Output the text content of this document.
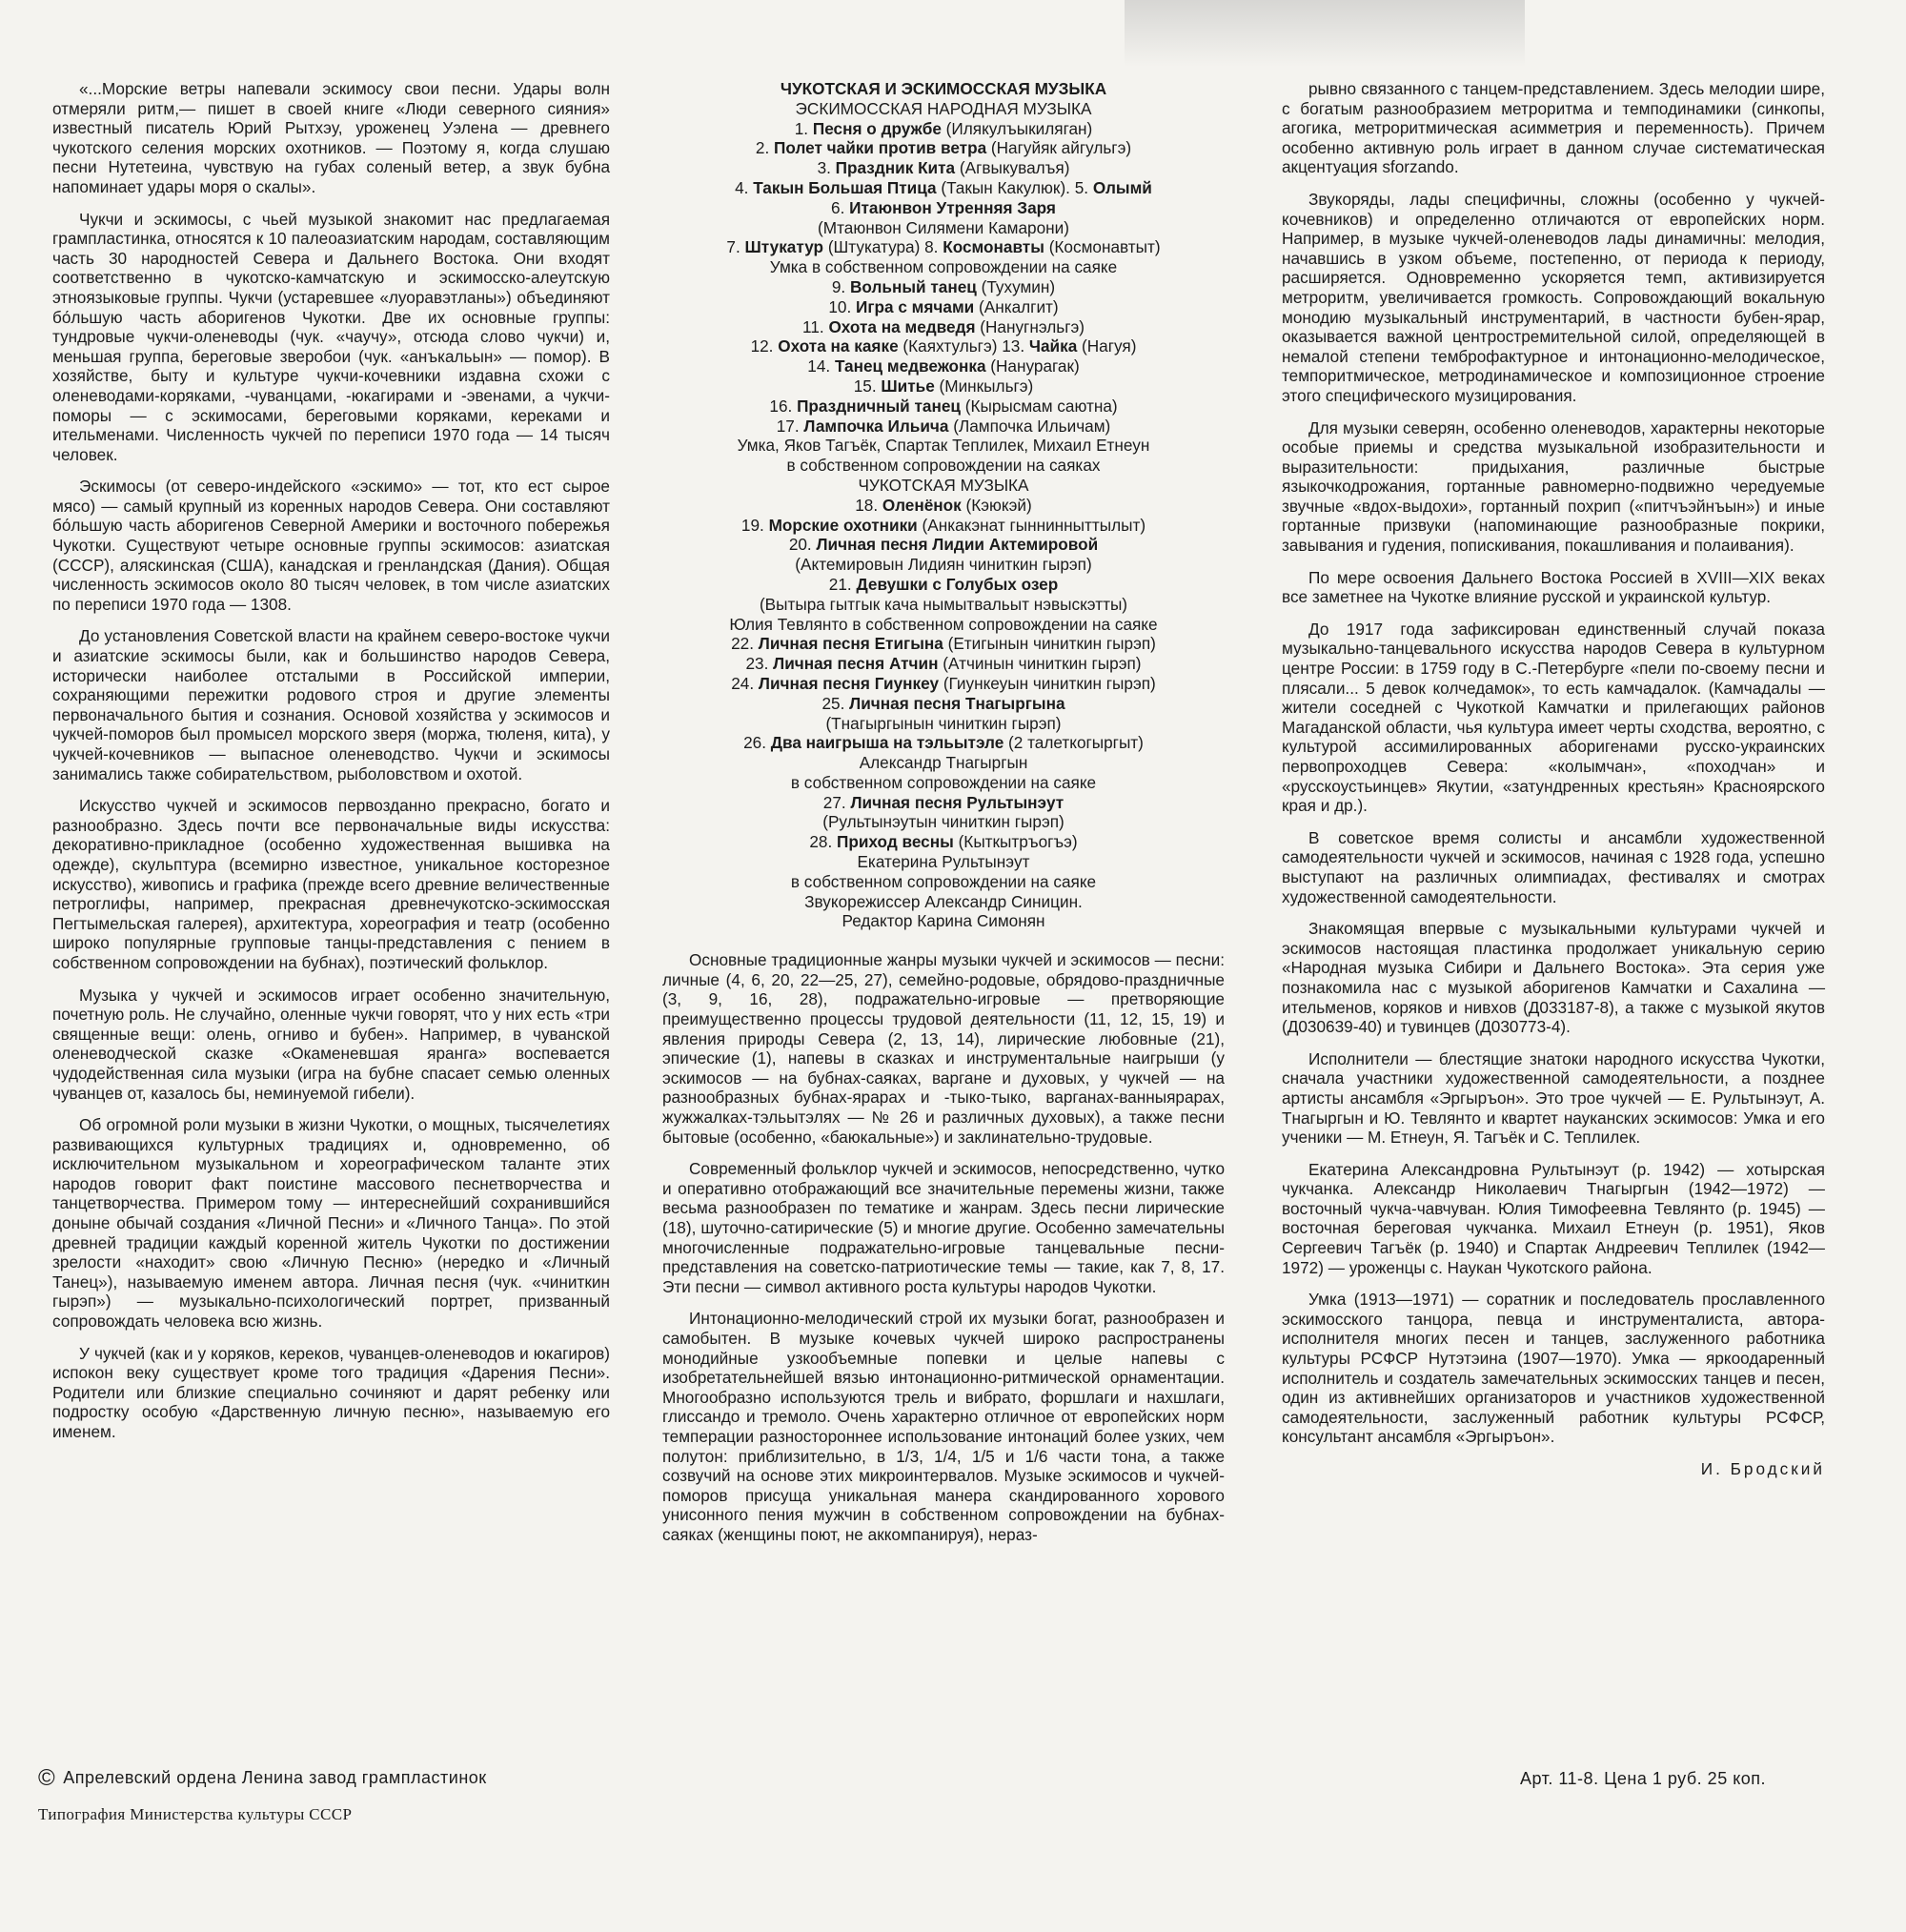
«...Морские ветры напевали эскимосу свои песни. Удары волн отмеряли ритм,— пишет в своей книге «Люди северного сияния» известный писатель Юрий Рытхэу, уроженец Уэлена — древнего чукотского селения морских охотников. — Поэтому я, когда слушаю песни Нутетеина, чувствую на губах соленый ветер, а звук бубна напоминает удары моря о скалы».

Чукчи и эскимосы, с чьей музыкой знакомит нас предлагаемая грампластинка, относятся к 10 палеоазиатским народам, составляющим часть 30 народностей Севера и Дальнего Востока. Они входят соответственно в чукотско-камчатскую и эскимосско-алеутскую этноязыковые группы. Чукчи (устаревшее «луоравэтланы») объединяют бо́льшую часть аборигенов Чукотки. Две их основные группы: тундровые чукчи-оленеводы (чук. «чаучу», отсюда слово чукчи) и, меньшая группа, береговые зверобои (чук. «анъкальын» — помор). В хозяйстве, быту и культуре чукчи-кочевники издавна схожи с оленеводами-коряками, -чуванцами, -юкагирами и -эвенами, а чукчи-поморы — с эскимосами, береговыми коряками, кереками и ительменами. Численность чукчей по переписи 1970 года — 14 тысяч человек.

Эскимосы (от северо-индейского «эскимо» — тот, кто ест сырое мясо) — самый крупный из коренных народов Севера. Они составляют бо́льшую часть аборигенов Северной Америки и восточного побережья Чукотки. Существуют четыре основные группы эскимосов: азиатская (СССР), аляскинская (США), канадская и гренландская (Дания). Общая численность эскимосов около 80 тысяч человек, в том числе азиатских по переписи 1970 года — 1308.

До установления Советской власти на крайнем северо-востоке чукчи и азиатские эскимосы были, как и большинство народов Севера, исторически наиболее отсталыми в Российской империи, сохраняющими пережитки родового строя и другие элементы первоначального бытия и сознания. Основой хозяйства у эскимосов и чукчей-поморов был промысел морского зверя (моржа, тюленя, кита), у чукчей-кочевников — выпасное оленеводство. Чукчи и эскимосы занимались также собирательством, рыболовством и охотой.

Искусство чукчей и эскимосов первозданно прекрасно, богато и разнообразно. Здесь почти все первоначальные виды искусства: декоративно-прикладное (особенно художественная вышивка на одежде), скульптура (всемирно известное, уникальное косторезное искусство), живопись и графика (прежде всего древние величественные петроглифы, например, прекрасная древнечукотско-эскимосская Пегтымельская галерея), архитектура, хореография и театр (особенно широко популярные групповые танцы-представления с пением в собственном сопровождении на бубнах), поэтический фольклор.

Музыка у чукчей и эскимосов играет особенно значительную, почетную роль. Не случайно, оленные чукчи говорят, что у них есть «три священные вещи: олень, огниво и бубен». Например, в чуванской оленеводческой сказке «Окаменевшая яранга» воспевается чудодейственная сила музыки (игра на бубне спасает семью оленных чуванцев от, казалось бы, неминуемой гибели).

Об огромной роли музыки в жизни Чукотки, о мощных, тысячелетиях развивающихся культурных традициях и, одновременно, об исключительном музыкальном и хореографическом таланте этих народов говорит факт поистине массового песнетворчества и танцетворчества. Примером тому — интереснейший сохранившийся доныне обычай создания «Личной Песни» и «Личного Танца». По этой древней традиции каждый коренной житель Чукотки по достижении зрелости «находит» свою «Личную Песню» (нередко и «Личный Танец»), называемую именем автора. Личная песня (чук. «чиниткин гырэп») — музыкально-психологический портрет, призванный сопровождать человека всю жизнь.

У чукчей (как и у коряков, кереков, чуванцев-оленеводов и юкагиров) испокон веку существует кроме того традиция «Дарения Песни». Родители или близкие специально сочиняют и дарят ребенку или подростку особую «Дарственную личную песню», называемую его именем.

ЧУКОТСКАЯ И ЭСКИМОССКАЯ МУЗЫКА
ЭСКИМОССКАЯ НАРОДНАЯ МУЗЫКА
1. Песня о дружбе (Илякулъыкиляган)
2. Полет чайки против ветра (Нагуйяк айгульгэ)
3. Праздник Кита (Агвыкувалъя)
4. Такын Большая Птица (Такын Какулюк). 5. Олымй
6. Итаюнвон Утренняя Заря
(Мтаюнвон Силямени Камарони)
7. Штукатур (Штукатура) 8. Космонавты (Космонавтыт)
Умка в собственном сопровождении на саяке
9. Вольный танец (Тухумин)
10. Игра с мячами (Анкалгит)
11. Охота на медведя (Нанугнэльгэ)
12. Охота на каяке (Каяхтульгэ) 13. Чайка (Нагуя)
14. Танец медвежонка (Нанурагак)
15. Шитье (Минкыльгэ)
16. Праздничный танец (Кырысмам саютна)
17. Лампочка Ильича (Лампочка Ильичам)
Умка, Яков Тагъёк, Спартак Теплилек, Михаил Етнеун
в собственном сопровождении на саяках
ЧУКОТСКАЯ МУЗЫКА
18. Оленёнок (Кэюкэй)
19. Морские охотники (Анкакэнат гыннинныттылыт)
20. Личная песня Лидии Актемировой
(Актемировын Лидиян чиниткин гырэп)
21. Девушки с Голубых озер
(Вытыра гытгык кача нымытвальыт нэвыскэтты)
Юлия Тевлянто в собственном сопровождении на саяке
22. Личная песня Етигына (Етигынын чиниткин гырэп)
23. Личная песня Атчин (Атчинын чиниткин гырэп)
24. Личная песня Гиункеу (Гиункеуын чиниткин гырэп)
25. Личная песня Тнагыргына
(Тнагыргынын чиниткин гырэп)
26. Два наигрыша на тэльытэле (2 талеткогыргыт)
Александр Тнагыргын
в собственном сопровождении на саяке
27. Личная песня Рультынэут
(Рультынэутын чиниткин гырэп)
28. Приход весны (Кыткытръогъэ)
Екатерина Рультынэут
в собственном сопровождении на саяке
Звукорежиссер Александр Синицин.
Редактор Карина Симонян

Основные традиционные жанры музыки чукчей и эскимосов — песни: личные (4, 6, 20, 22—25, 27), семейно-родовые, обрядово-праздничные (3, 9, 16, 28), подражательно-игровые — претворяющие преимущественно процессы трудовой деятельности (11, 12, 15, 19) и явления природы Севера (2, 13, 14), лирические любовные (21), эпические (1), напевы в сказках и инструментальные наигрыши (у эскимосов — на бубнах-саяках, варгане и духовых, у чукчей — на разнообразных бубнах-ярарах и -тыко-тыко, варганах-ванныярарах, жужжалках-тэльытэлях — № 26 и различных духовых), а также песни бытовые (особенно, «баюкальные») и заклинательно-трудовые.

Современный фольклор чукчей и эскимосов, непосредственно, чутко и оперативно отображающий все значительные перемены жизни, также весьма разнообразен по тематике и жанрам. Здесь песни лирические (18), шуточно-сатирические (5) и многие другие. Особенно замечательны многочисленные подражательно-игровые танцевальные песни-представления на советско-патриотические темы — такие, как 7, 8, 17. Эти песни — символ активного роста культуры народов Чукотки.

Интонационно-мелодический строй их музыки богат, разнообразен и самобытен. В музыке кочевых чукчей широко распространены монодийные узкообъемные попевки и целые напевы с изобретательнейшей вязью интонационно-ритмической орнаментации. Многообразно используются трель и вибрато, форшлаги и нахшлаги, глиссандо и тремоло. Очень характерно отличное от европейских норм темперации разностороннее использование интонаций более узких, чем полутон: приблизительно, в 1/3, 1/4, 1/5 и 1/6 части тона, а также созвучий на основе этих микроинтервалов. Музыке эскимосов и чукчей-поморов присуща уникальная манера скандированного хорового унисонного пения мужчин в собственном сопровождении на бубнах-саяках (женщины поют, не аккомпанируя), нераз-

рывно связанного с танцем-представлением. Здесь мелодии шире, с богатым разнообразием метроритма и темподинамики (синкопы, агогика, метроритмическая асимметрия и переменность). Причем особенно активную роль играет в данном случае систематическая акцентуация sforzando.

Звукоряды, лады специфичны, сложны (особенно у чукчей-кочевников) и определенно отличаются от европейских норм. Например, в музыке чукчей-оленеводов лады динамичны: мелодия, начавшись в узком объеме, постепенно, от периода к периоду, расширяется. Одновременно ускоряется темп, активизируется метроритм, увеличивается громкость. Сопровождающий вокальную монодию музыкальный инструментарий, в частности бубен-ярар, оказывается важной центростремительной силой, определяющей в немалой степени темброфактурное и интонационно-мелодическое, темпоритмическое, метродинамическое и композиционное строение этого специфического музицирования.

Для музыки северян, особенно оленеводов, характерны некоторые особые приемы и средства музыкальной изобразительности и выразительности: придыхания, различные быстрые языкочкодрожания, гортанные равномерно-подвижно чередуемые звучные «вдох-выдохи», гортанный похрип («питчъэйнъын») и иные гортанные призвуки (напоминающие разнообразные покрики, завывания и гудения, попискивания, покашливания и полаивания).

По мере освоения Дальнего Востока Россией в XVIII—XIX веках все заметнее на Чукотке влияние русской и украинской культур.

До 1917 года зафиксирован единственный случай показа музыкально-танцевального искусства народов Севера в культурном центре России: в 1759 году в С.-Петербурге «пели по-своему песни и плясали... 5 девок колчедамок», то есть камчадалок. (Камчадалы — жители соседней с Чукоткой Камчатки и прилегающих районов Магаданской области, чья культура имеет черты сходства, вероятно, с культурой ассимилированных аборигенами русско-украинских первопроходцев Севера: «колымчан», «походчан» и «русскоустьинцев» Якутии, «затундренных крестьян» Красноярского края и др.).

В советское время солисты и ансамбли художественной самодеятельности чукчей и эскимосов, начиная с 1928 года, успешно выступают на различных олимпиадах, фестивалях и смотрах художественной самодеятельности.

Знакомящая впервые с музыкальными культурами чукчей и эскимосов настоящая пластинка продолжает уникальную серию «Народная музыка Сибири и Дальнего Востока». Эта серия уже познакомила нас с музыкой аборигенов Камчатки и Сахалина — ительменов, коряков и нивхов (Д033187-8), а также с музыкой якутов (Д030639-40) и тувинцев (Д030773-4).

Исполнители — блестящие знатоки народного искусства Чукотки, сначала участники художественной самодеятельности, а позднее артисты ансамбля «Эргыръон». Это трое чукчей — Е. Рультынэут, А. Тнагыргын и Ю. Тевлянто и квартет науканских эскимосов: Умка и его ученики — М. Етнеун, Я. Тагъёк и С. Теплилек.

Екатерина Александровна Рультынэут (р. 1942) — хотырская чукчанка. Александр Николаевич Тнагыргын (1942—1972) — восточный чукча-чавчуван. Юлия Тимофеевна Тевлянто (р. 1945) — восточная береговая чукчанка. Михаил Етнеун (р. 1951), Яков Сергеевич Тагъёк (р. 1940) и Спартак Андреевич Теплилек (1942—1972) — уроженцы с. Наукан Чукотского района.

Умка (1913—1971) — соратник и последователь прославленного эскимосского танцора, певца и инструменталиста, автора-исполнителя многих песен и танцев, заслуженного работника культуры РСФСР Нутэтэина (1907—1970). Умка — яркоодаренный исполнитель и создатель замечательных эскимосских танцев и песен, один из активнейших организаторов и участников художественной самодеятельности, заслуженный работник культуры РСФСР, консультант ансамбля «Эргыръон».

И. Бродский
© Апрелевский ордена Ленина завод грампластинок
Типография Министерства культуры СССР
Арт. 11-8. Цена 1 руб. 25 коп.
